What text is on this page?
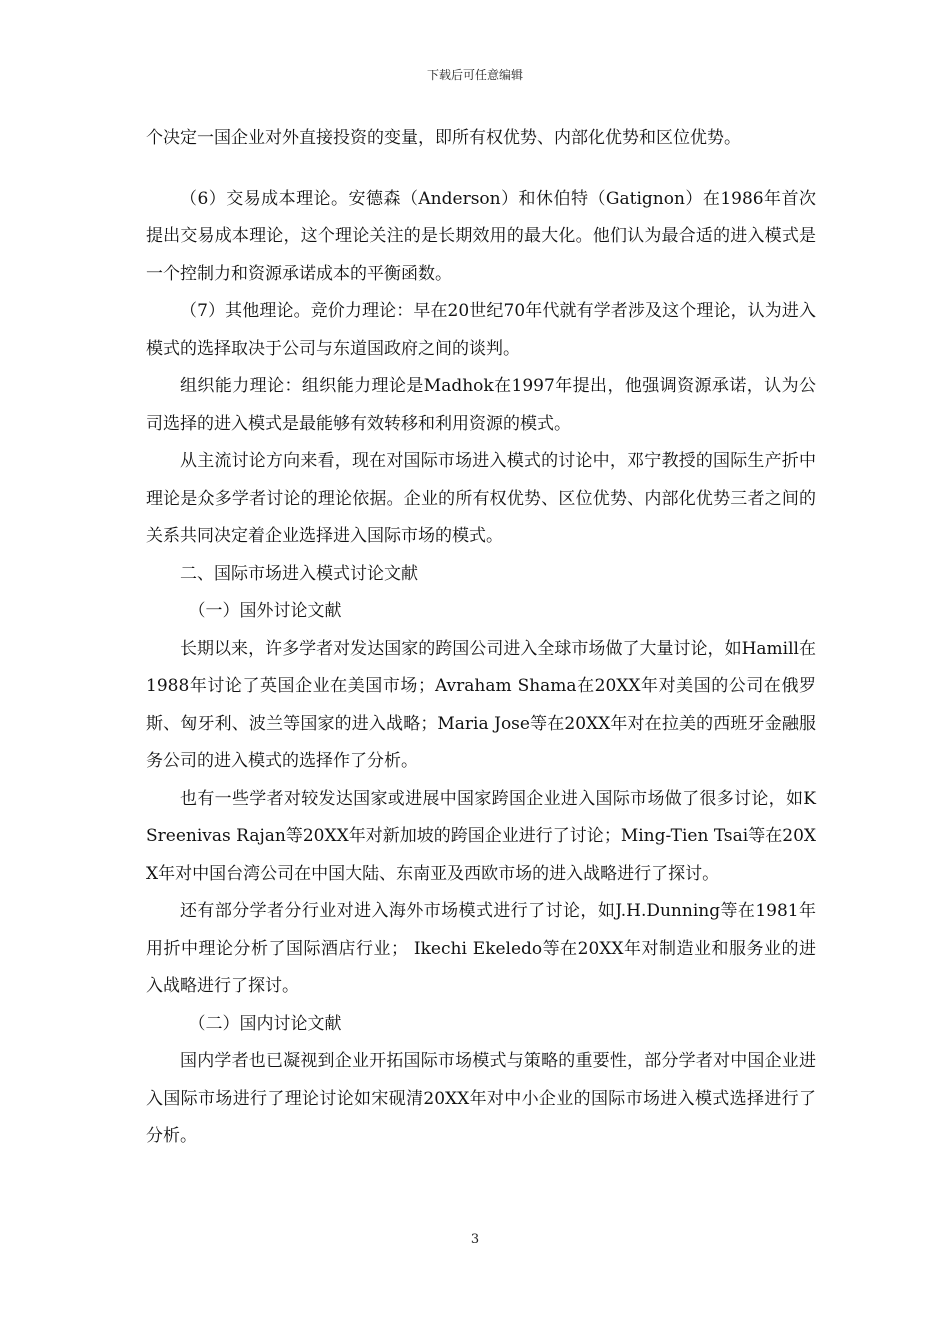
下载后可任意编辑

个决定一国企业对外直接投资的变量，即所有权优势、内部化优势和区位优势。

（6）交易成本理论。安德森（Anderson）和休伯特（Gatignon）在1986年首次提出交易成本理论，这个理论关注的是长期效用的最大化。他们认为最合适的进入模式是一个控制力和资源承诺成本的平衡函数。

（7）其他理论。竞价力理论：早在20世纪70年代就有学者涉及这个理论，认为进入模式的选择取决于公司与东道国政府之间的谈判。

组织能力理论：组织能力理论是Madhok在1997年提出，他强调资源承诺，认为公司选择的进入模式是最能够有效转移和利用资源的模式。

从主流讨论方向来看，现在对国际市场进入模式的讨论中，邓宁教授的国际生产折中理论是众多学者讨论的理论依据。企业的所有权优势、区位优势、内部化优势三者之间的关系共同决定着企业选择进入国际市场的模式。

二、国际市场进入模式讨论文献

（一）国外讨论文献

长期以来，许多学者对发达国家的跨国公司进入全球市场做了大量讨论，如Hamill在1988年讨论了英国企业在美国市场；Avraham Shama在20XX年对美国的公司在俄罗斯、匈牙利、波兰等国家的进入战略；Maria Jose等在20XX年对在拉美的西班牙金融服务公司的进入模式的选择作了分析。

也有一些学者对较发达国家或进展中国家跨国企业进入国际市场做了很多讨论，如KSreenivas Rajan等20XX年对新加坡的跨国企业进行了讨论；Ming-Tien Tsai等在20XX年对中国台湾公司在中国大陆、东南亚及西欧市场的进入战略进行了探讨。

还有部分学者分行业对进入海外市场模式进行了讨论，如J.H.Dunning等在1981年用折中理论分析了国际酒店行业； Ikechi Ekeledo等在20XX年对制造业和服务业的进入战略进行了探讨。

（二）国内讨论文献

国内学者也已凝视到企业开拓国际市场模式与策略的重要性，部分学者对中国企业进入国际市场进行了理论讨论如宋砚清20XX年对中小企业的国际市场进入模式选择进行了分析。

3
